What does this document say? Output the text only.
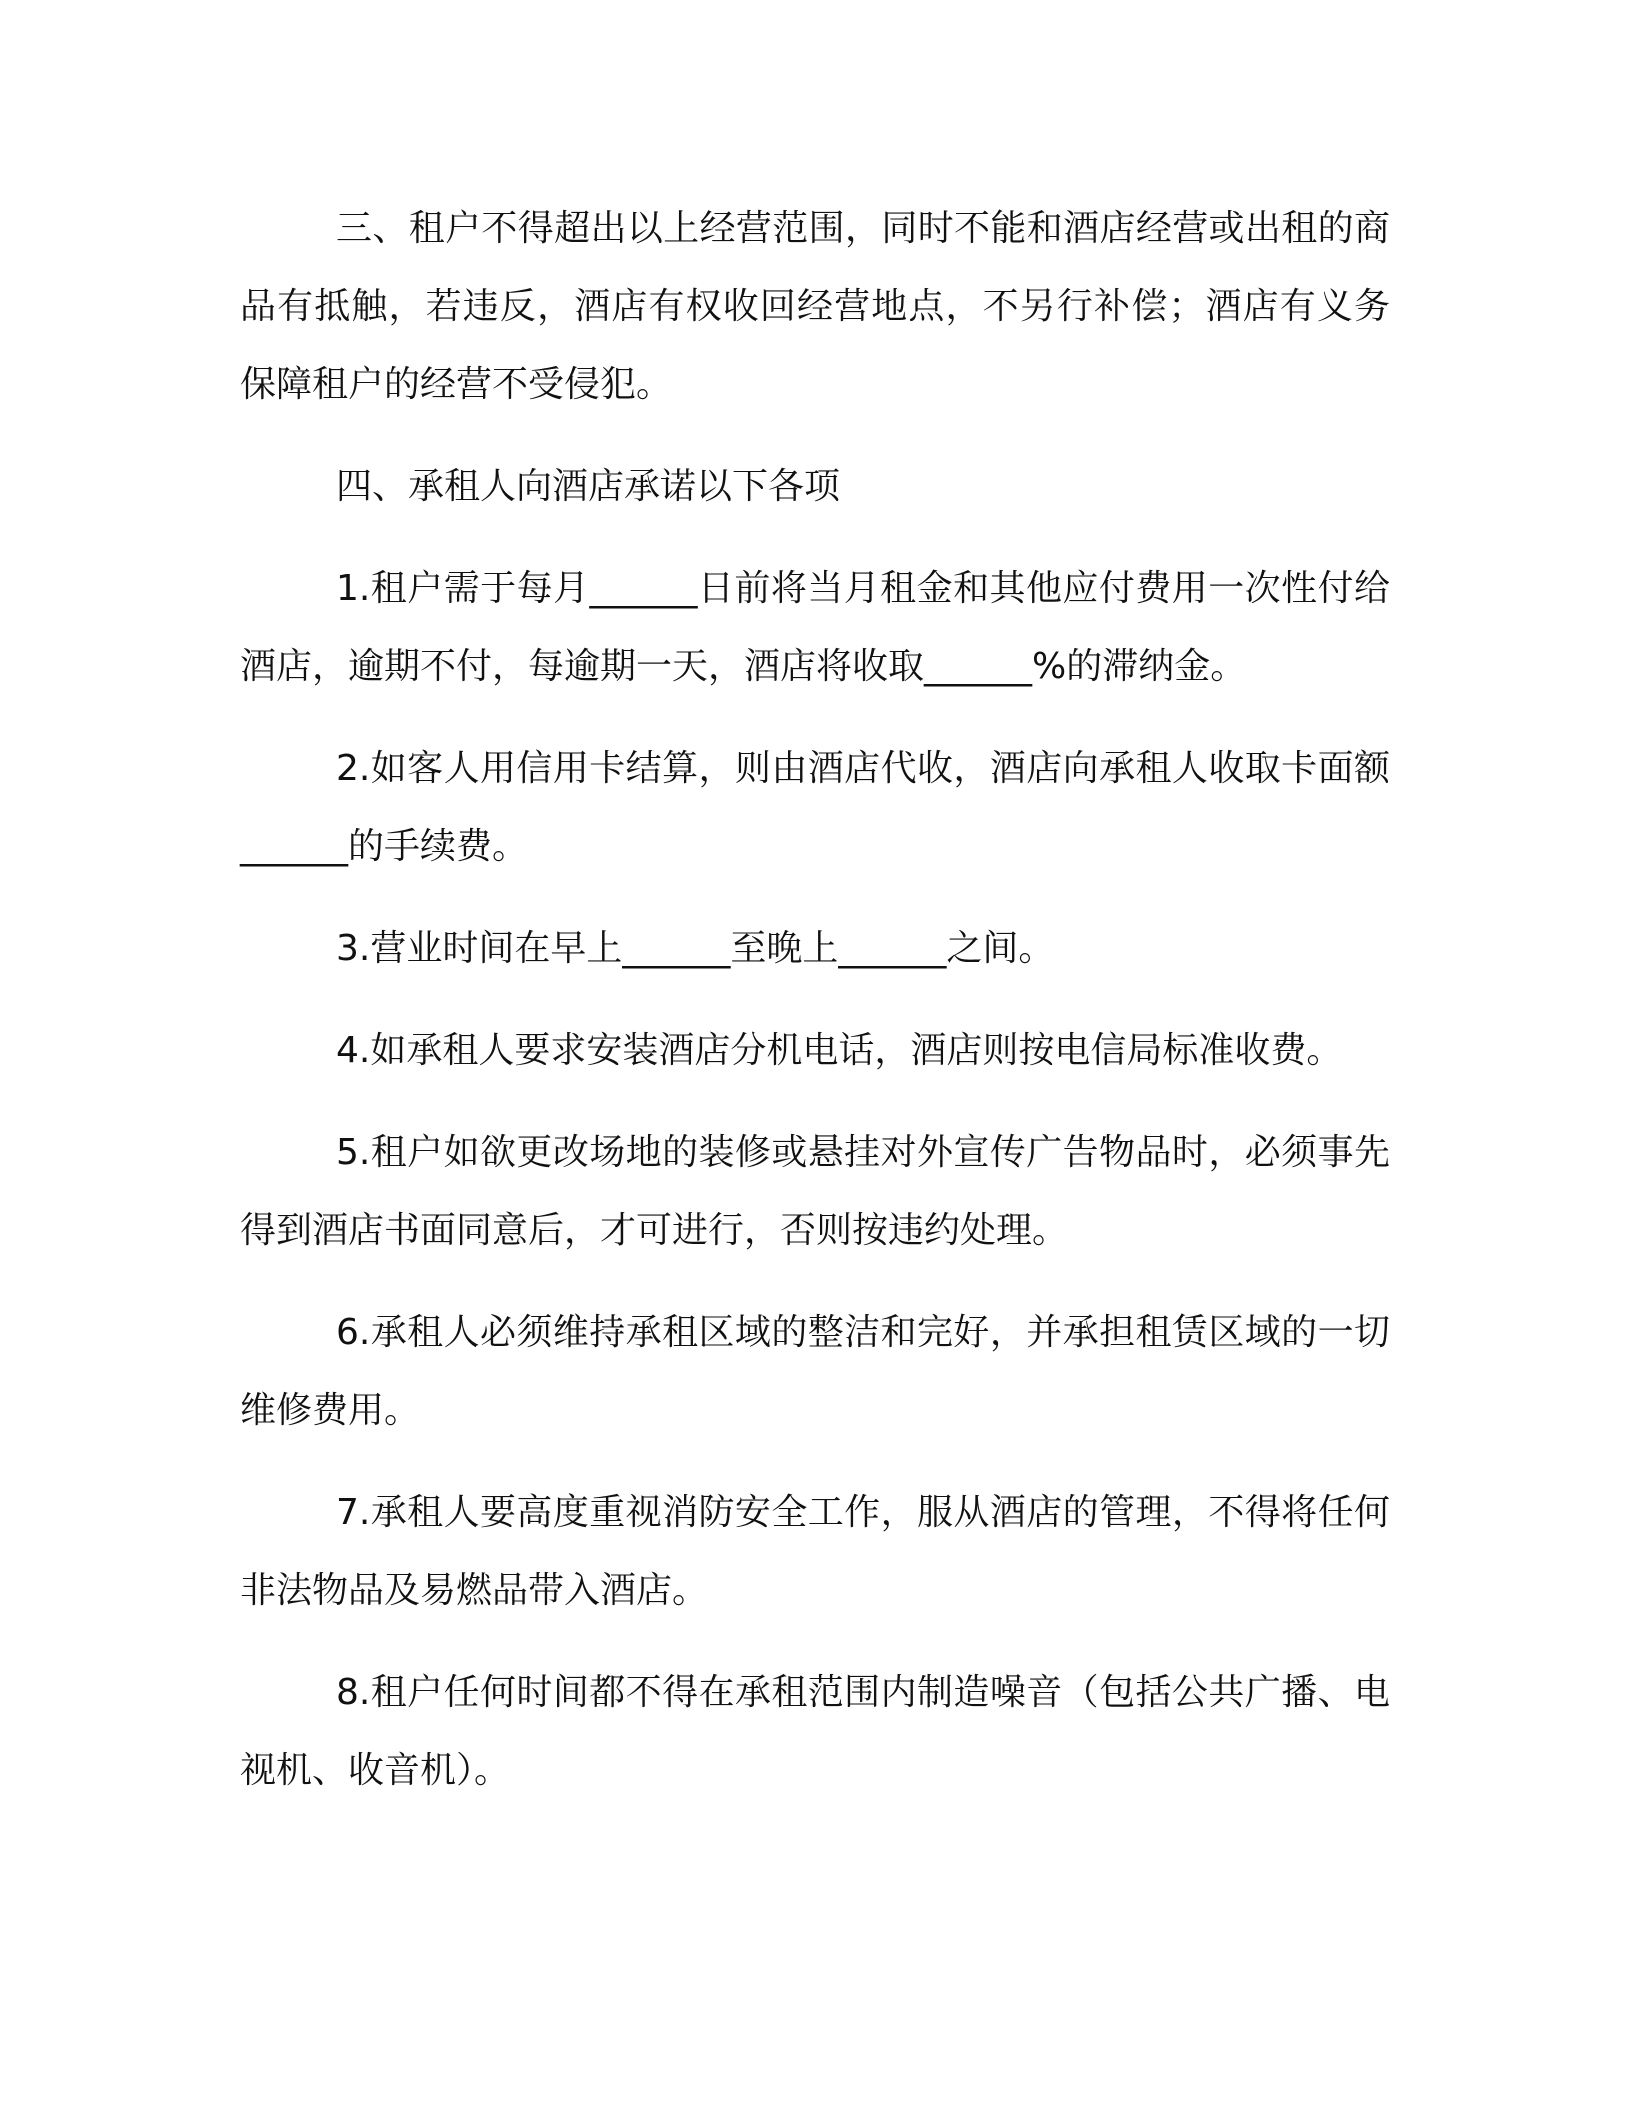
三、租户不得超出以上经营范围，同时不能和酒店经营或出租的商品有抵触，若违反，酒店有权收回经营地点，不另行补偿；酒店有义务保障租户的经营不受侵犯。

四、承租人向酒店承诺以下各项

1.租户需于每月______日前将当月租金和其他应付费用一次性付给酒店，逾期不付，每逾期一天，酒店将收取______%的滞纳金。

2.如客人用信用卡结算，则由酒店代收，酒店向承租人收取卡面额______的手续费。

3.营业时间在早上______至晚上______之间。

4.如承租人要求安装酒店分机电话，酒店则按电信局标准收费。

5.租户如欲更改场地的装修或悬挂对外宣传广告物品时，必须事先得到酒店书面同意后，才可进行，否则按违约处理。

6.承租人必须维持承租区域的整洁和完好，并承担租赁区域的一切维修费用。

7.承租人要高度重视消防安全工作，服从酒店的管理，不得将任何非法物品及易燃品带入酒店。

8.租户任何时间都不得在承租范围内制造噪音（包括公共广播、电视机、收音机）。
